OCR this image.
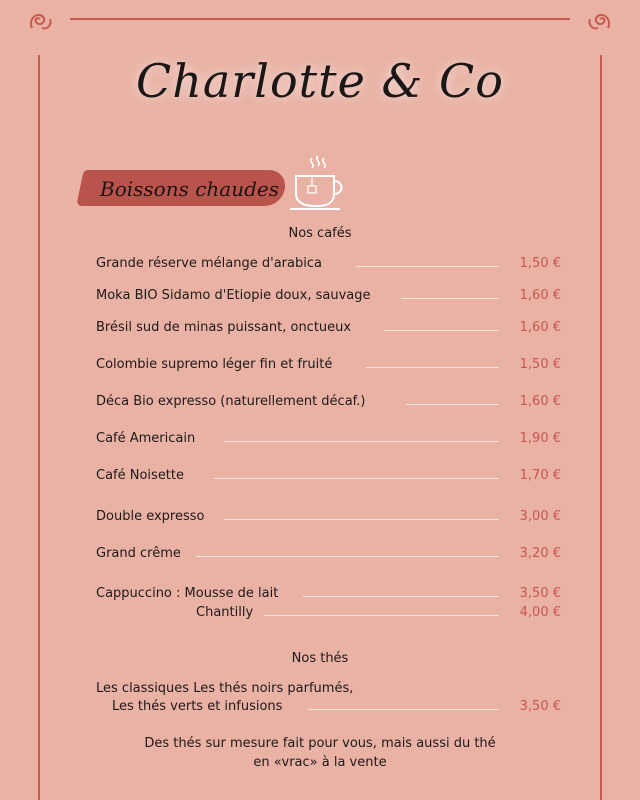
Charlotte & Co
Boissons chaudes
Nos cafés
Grande réserve mélange d'arabica	1,50 €
Moka BIO Sidamo d'Etiopie doux, sauvage	1,60 €
Brésil sud de minas puissant, onctueux	1,60 €
Colombie supremo léger fin et fruité	1,50 €
Déca Bio expresso (naturellement décaf.)	1,60 €
Café Americain	1,90 €
Café Noisette	1,70 €
Double expresso	3,00 €
Grand crême	3,20 €
Cappuccino : Mousse de lait	3,50 €
Chantilly	4,00 €
Nos thés
Les classiques Les thés noirs parfumés,
Les thés verts et infusions	3,50 €
Des thés sur mesure fait pour vous, mais aussi du thé
en «vrac» à la vente
